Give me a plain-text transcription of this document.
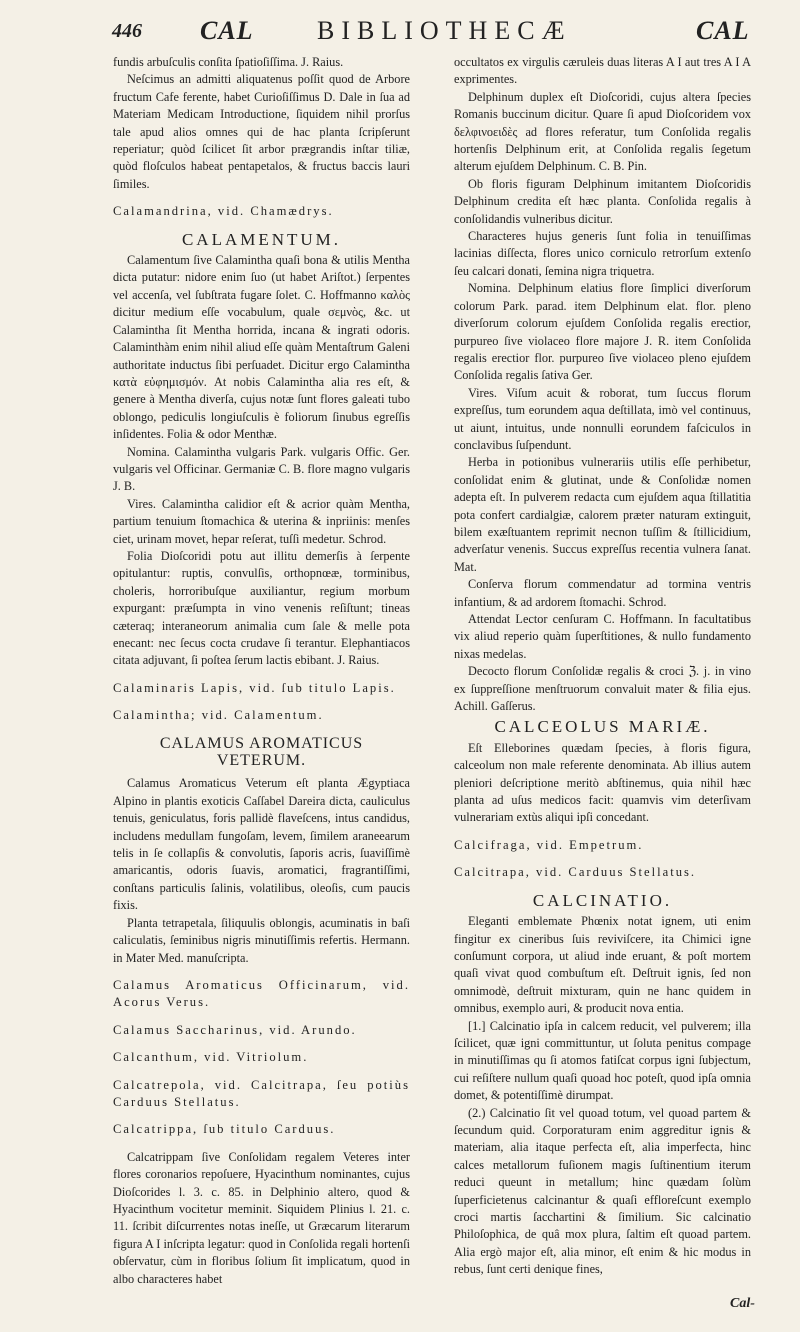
446 CAL BIBLIOTHECÆ	CAL

fundis arbuſculis conſita ſpatioſiſſima. J. Raius.

Neſcimus an admitti aliquatenus poſſit quod de Arbore fructum Cafe ferente, habet Curioſiſſimus D. Dale in ſua ad Materiam Medicam Introductione, ſiquidem nihil prorſus tale apud alios omnes qui de hac planta ſcripſerunt reperiatur; quòd ſcilicet ſit arbor prægrandis inſtar tiliæ, quòd floſculos habeat pentapetalos, & fructus baccis lauri ſimiles.

Calamandrina, vid. Chamædrys.

CALAMENTUM.

Calamentum ſive Calamintha quaſi bona & utilis Mentha dicta putatur: nidore enim ſuo (ut habet Ariſtot.) ſerpentes vel accenſa, vel ſubſtrata fugare ſolet. C. Hoffmanno καλὸς dicitur medium eſſe vocabulum, quale σεμνὸς, &c. ut Calamintha ſit Mentha horrida, incana & ingrati odoris. Calaminthàm enim nihil aliud eſſe quàm Mentaſtrum Galeni authoritate inductus ſibi perſuadet. Dicitur ergo Calamintha κατὰ εὐφημισμόν. At nobis Calamintha alia res eſt, & genere à Mentha diverſa, cujus notæ ſunt flores galeati tubo oblongo, pediculis longiuſculis è foliorum ſinubus egreſſis inſidentes. Folia & odor Menthæ.

Nomina. Calamintha vulgaris Park. vulgaris Offic. Ger. vulgaris vel Officinar. Germaniæ C. B. flore magno vulgaris J. B.

Vires. Calamintha calidior eſt & acrior quàm Mentha, partium tenuium ſtomachica & uterina & inpriinis: menſes ciet, urinam movet, hepar reſerat, tuſſi medetur. Schrod.

Folia Dioſcoridi potu aut illitu demerſis à ſerpente opitulantur: ruptis, convulſis, orthopnœæ, torminibus, choleris, horroribuſque auxiliantur, regium morbum expurgant: præſumpta in vino venenis reſiſtunt; tineas cæteraq; interaneorum animalia cum ſale & melle pota enecant: nec ſecus cocta crudave ſi terantur. Elephantiacos citata adjuvant, ſi poſtea ſerum lactis ebibant. J. Raius.

Calaminaris Lapis, vid. ſub titulo Lapis.

Calamintha; vid. Calamentum.

CALAMUS AROMATICUS VETERUM.

Calamus Aromaticus Veterum eſt planta Ægyptiaca Alpino in plantis exoticis Caſſabel Dareira dicta, cauliculus tenuis, geniculatus, foris pallidè flaveſcens, intus candidus, includens medullam fungoſam, levem, ſimilem araneearum telis in ſe collapſis & convolutis, ſaporis acris, ſuaviſſimè amaricantis, odoris ſuavis, aromatici, fragrantiſſimi, conſtans particulis ſalinis, volatilibus, oleoſis, cum paucis fixis.

Planta tetrapetala, ſiliquulis oblongis, acuminatis in baſi caliculatis, ſeminibus nigris minutiſſimis refertis. Hermann. in Mater Med. manuſcripta.

Calamus Aromaticus Officinarum, vid. Acorus Verus.

Calamus Saccharinus, vid. Arundo.

Calcanthum, vid. Vitriolum.

Calcatrepola, vid. Calcitrapa, ſeu potiùs Carduus Stellatus.

Calcatrippa, ſub titulo Carduus.

Calcatrippam ſive Conſolidam regalem Veteres inter flores coronarios repoſuere, Hyacinthum nominantes, cujus Dioſcorides l. 3. c. 85. in Delphinio altero, quod & Hyacinthum vocitetur meminit. Siquidem Plinius l. 21. c. 11. ſcribit diſcurrentes notas ineſſe, ut Græcarum literarum figura A I inſcripta legatur: quod in Conſolida regali hortenſi obſervatur, cùm in floribus ſolium ſit implicatum, quod in albo characteres habet

occultatos ex virgulis cæruleis duas literas A I aut tres A I A exprimentes.

Delphinum duplex eſt Dioſcoridi, cujus altera ſpecies Romanis buccinum dicitur. Quare ſi apud Dioſcoridem vox δελφινοειδὲς ad flores referatur, tum Conſolida regalis hortenſis Delphinum erit, at Conſolida regalis ſegetum alterum ejuſdem Delphinum. C. B. Pin.

Ob floris figuram Delphinum imitantem Dioſcoridis Delphinum credita eſt hæc planta. Conſolida regalis à conſolidandis vulneribus dicitur.

Characteres hujus generis ſunt folia in tenuiſſimas lacinias diſſecta, flores unico corniculo retrorſum extenſo ſeu calcari donati, ſemina nigra triquetra.

Nomina. Delphinum elatius flore ſimplici diverſorum colorum Park. parad. item Delphinum elat. flor. pleno diverſorum colorum ejuſdem Conſolida regalis erectior, purpureo ſive violaceo flore majore J. R. item Conſolida regalis erectior flor. purpureo ſive violaceo pleno ejuſdem Conſolida regalis ſativa Ger.

Vires. Viſum acuit & roborat, tum ſuccus florum expreſſus, tum eorundem aqua deſtillata, imò vel continuus, ut aiunt, intuitus, unde nonnulli eorundem faſciculos in conclavibus ſuſpendunt.

Herba in potionibus vulnerariis utilis eſſe perhibetur, conſolidat enim & glutinat, unde & Conſolidæ nomen adepta eſt. In pulverem redacta cum ejuſdem aqua ſtillatitia pota confert cardialgiæ, calorem præter naturam extinguit, bilem exæſtuantem reprimit necnon tuſſim & ſtillicidium, adverſatur venenis. Succus expreſſus recentia vulnera ſanat. Mat.

Conſerva florum commendatur ad tormina ventris infantium, & ad ardorem ſtomachi. Schrod.

Attendat Lector cenſuram C. Hoffmann. In facultatibus vix aliud reperio quàm ſuperſtitiones, & nullo fundamento nixas medelas.

Decocto florum Conſolidæ regalis & croci ℨ. j. in vino ex ſuppreſſione menſtruorum convaluit mater & filia ejus. Achill. Gaſſerus.

CALCEOLUS MARIÆ.

Eſt Elleborines quædam ſpecies, à floris figura, calceolum non male referente denominata. Ab illius autem pleniori deſcriptione meritò abſtinemus, quia nihil hæc planta ad uſus medicos facit: quamvis vim deterſivam vulnerariam extùs aliqui ipſi concedant.

Calcifraga, vid. Empetrum.

Calcitrapa, vid. Carduus Stellatus.

CALCINATIO.

Eleganti emblemate Phœnix notat ignem, uti enim fingitur ex cineribus ſuis reviviſcere, ita Chimici igne conſumunt corpora, ut aliud inde eruant, & poſt mortem quaſi vivat quod combuſtum eſt. Deſtruit ignis, ſed non omnimodè, deſtruit mixturam, quin ne hanc quidem in omnibus, exemplo auri, & producit nova entia.

[1.] Calcinatio ipſa in calcem reducit, vel pulverem; illa ſcilicet, quæ igni committuntur, ut ſoluta penitus compage in minutiſſimas qu ſi atomos fatiſcat corpus igni ſubjectum, cui reſiſtere nullum quaſi quoad hoc poteſt, quod ipſa omnia domet, & potentiſſimè dirumpat.

(2.) Calcinatio ſit vel quoad totum, vel quoad partem & ſecundum quid. Corporaturam enim aggreditur ignis & materiam, alia itaque perfecta eſt, alia imperfecta, hinc calces metallorum fuſionem magis ſuſtinentium iterum reduci queunt in metallum; hinc quædam ſolùm ſuperficietenus calcinantur & quaſi effloreſcunt exemplo croci martis ſacchartini & ſimilium. Sic calcinatio Philoſophica, de quâ mox plura, ſaltim eſt quoad partem. Alia ergò major eſt, alia minor, eſt enim & hic modus in rebus, ſunt certi denique fines,

Cal-
